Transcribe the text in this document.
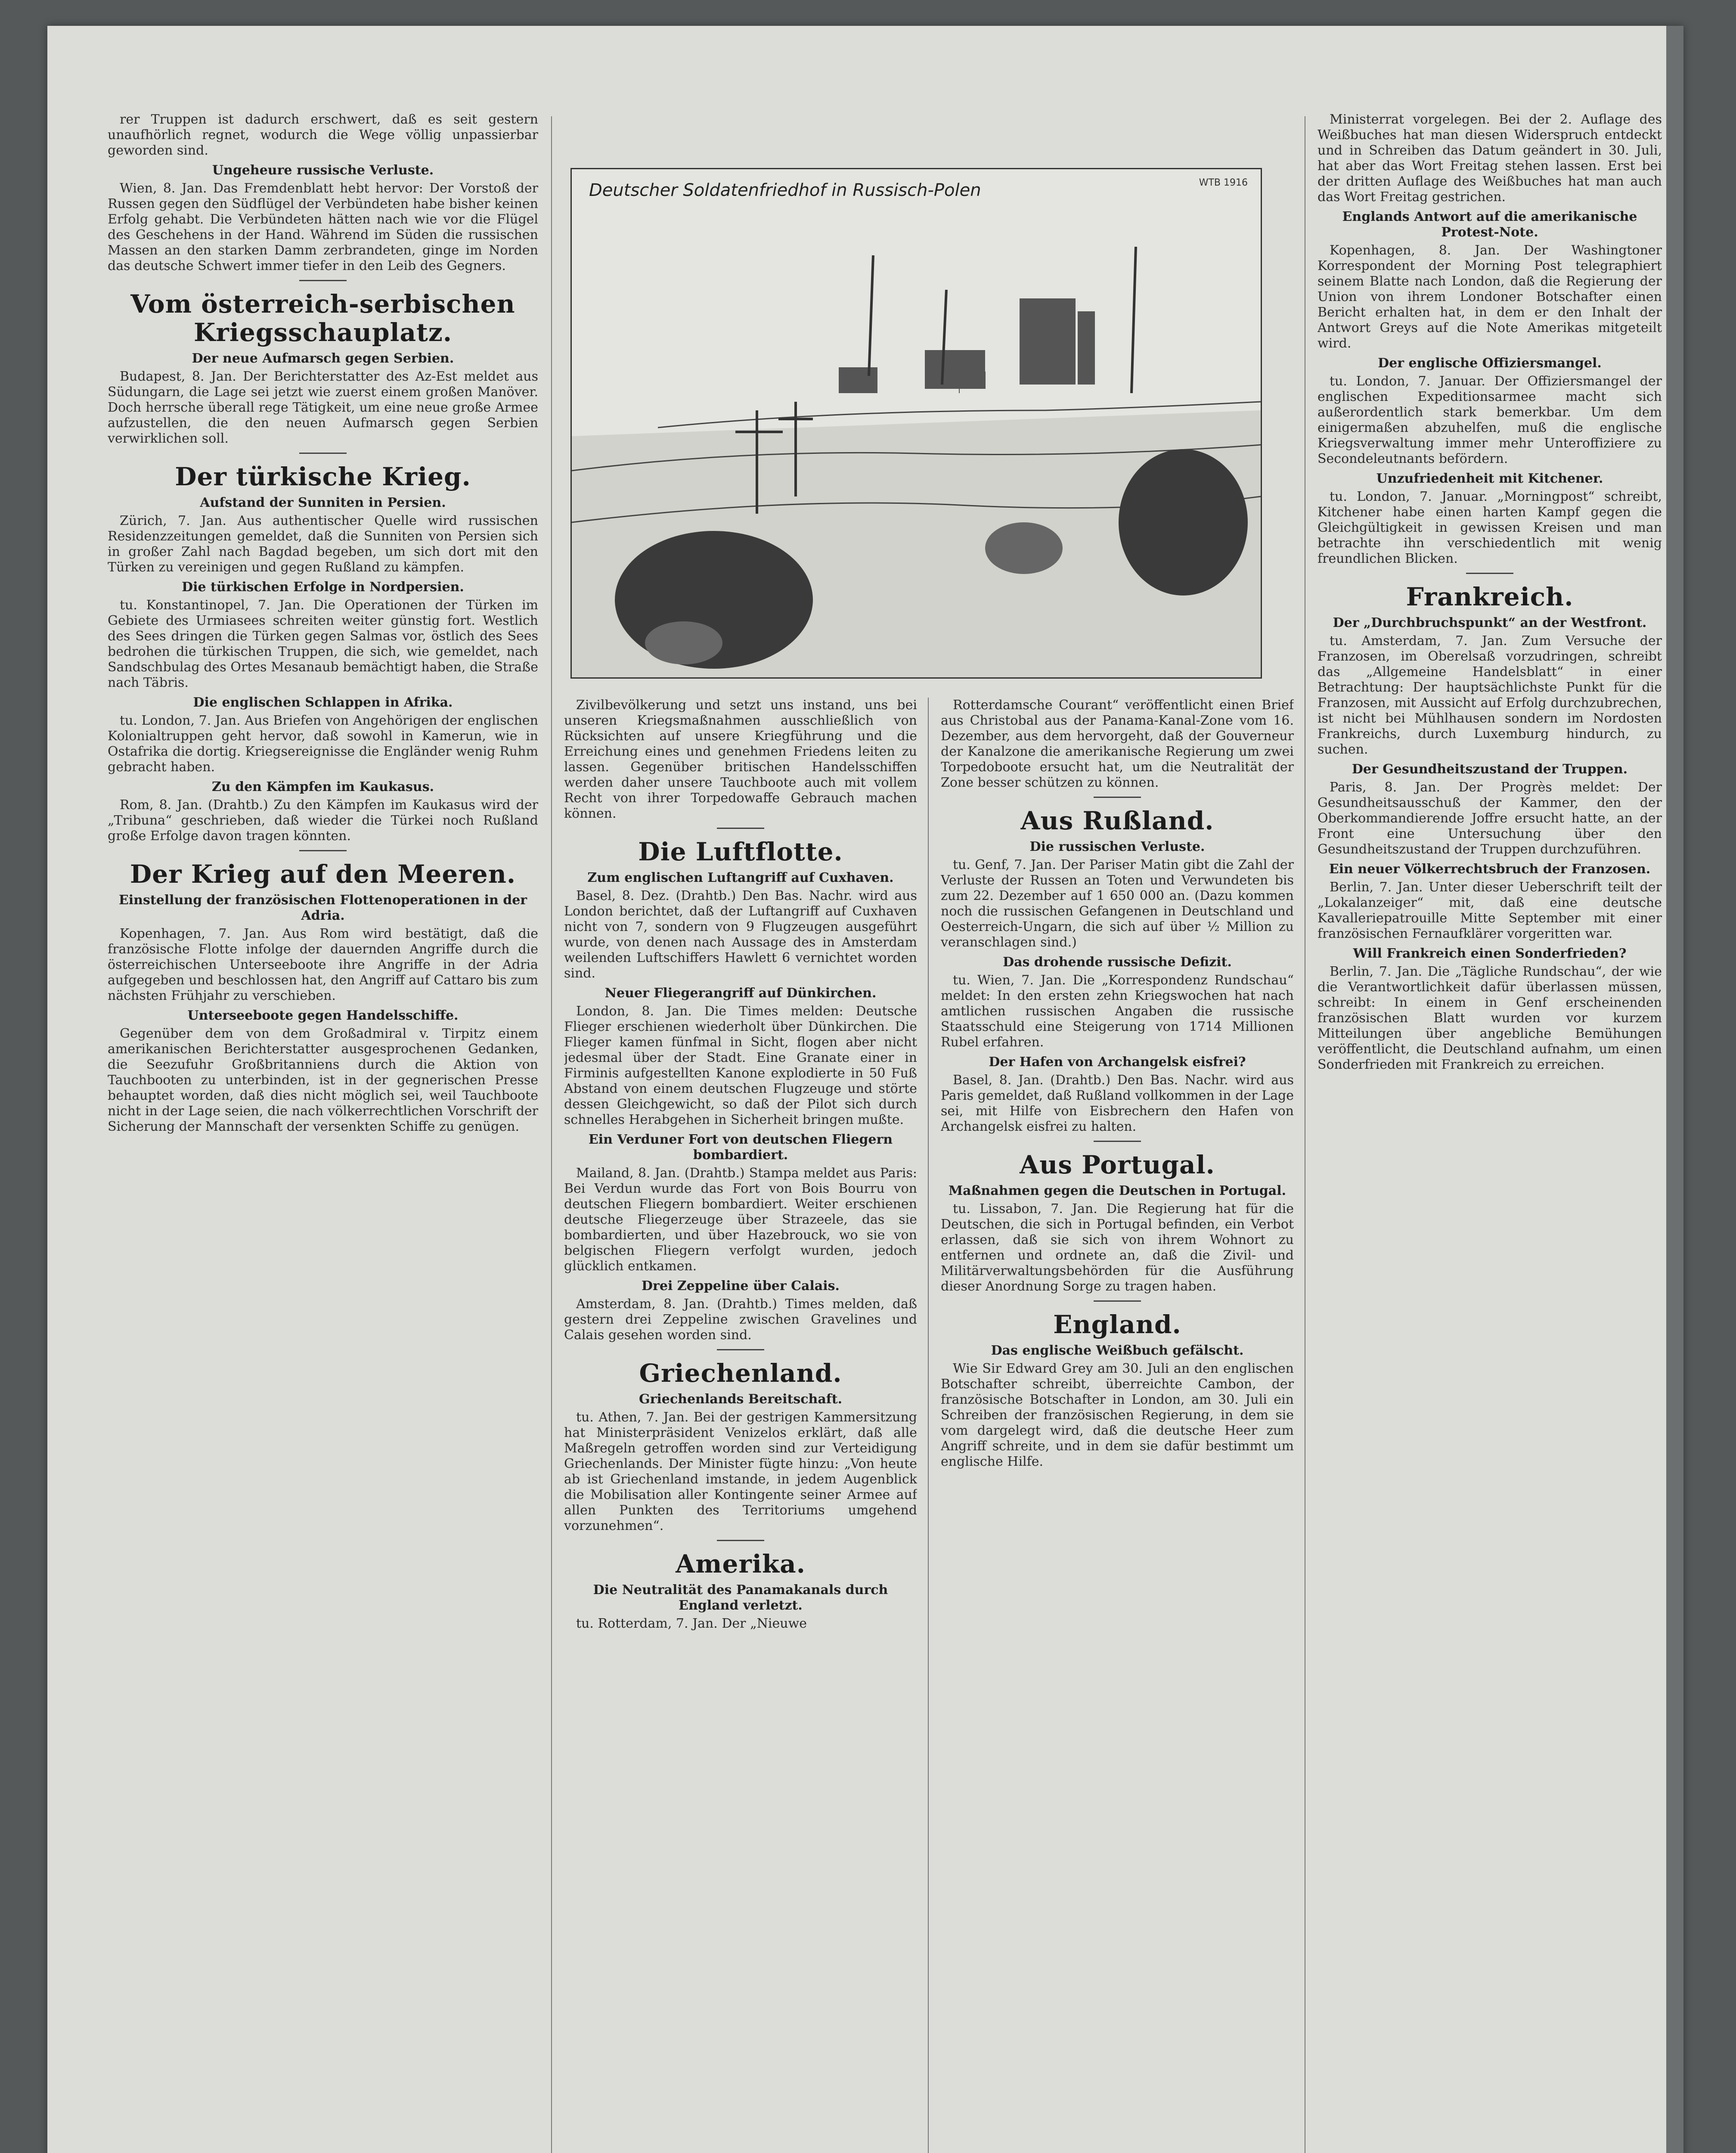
Deutscher Soldatenfriedhof in Russisch-Polen	WTB 1916

rer Truppen ist dadurch erschwert, daß es seit gestern unaufhörlich regnet, wodurch die Wege völlig unpassierbar geworden sind.

Ungeheure russische Verluste.

Wien, 8. Jan. Das Fremdenblatt hebt hervor: Der Vorstoß der Russen gegen den Südflügel der Verbündeten habe bisher keinen Erfolg gehabt. Die Verbündeten hätten nach wie vor die Flügel des Geschehens in der Hand. Während im Süden die russischen Massen an den starken Damm zerbrandeten, ginge im Norden das deutsche Schwert immer tiefer in den Leib des Gegners.

Vom österreich-serbischen Kriegsschauplatz.
Der neue Aufmarsch gegen Serbien.

Budapest, 8. Jan. Der Berichterstatter des Az-Est meldet aus Südungarn, die Lage sei jetzt wie zuerst einem großen Manöver. Doch herrsche überall rege Tätigkeit, um eine neue große Armee aufzustellen, die den neuen Aufmarsch gegen Serbien verwirklichen soll.

Der türkische Krieg.
Aufstand der Sunniten in Persien.

Zürich, 7. Jan. Aus authentischer Quelle wird russischen Residenzzeitungen gemeldet, daß die Sunniten von Persien sich in großer Zahl nach Bagdad begeben, um sich dort mit den Türken zu vereinigen und gegen Rußland zu kämpfen.

Die türkischen Erfolge in Nordpersien.

tu. Konstantinopel, 7. Jan. Die Operationen der Türken im Gebiete des Urmiasees schreiten weiter günstig fort. Westlich des Sees dringen die Türken gegen Salmas vor, östlich des Sees bedrohen die türkischen Truppen, die sich, wie gemeldet, nach Sandschbulag des Ortes Mesanaub bemächtigt haben, die Straße nach Täbris.

Die englischen Schlappen in Afrika.

tu. London, 7. Jan. Aus Briefen von Angehörigen der englischen Kolonialtruppen geht hervor, daß sowohl in Kamerun, wie in Ostafrika die dortig. Kriegsereignisse die Engländer wenig Ruhm gebracht haben.

Zu den Kämpfen im Kaukasus.

Rom, 8. Jan. (Drahtb.) Zu den Kämpfen im Kaukasus wird der „Tribuna“ geschrieben, daß wieder die Türkei noch Rußland große Erfolge davon tragen könnten.

Der Krieg auf den Meeren.
Einstellung der französischen Flottenoperationen in der Adria.

Kopenhagen, 7. Jan. Aus Rom wird bestätigt, daß die französische Flotte infolge der dauernden Angriffe durch die österreichischen Unterseeboote ihre Angriffe in der Adria aufgegeben und beschlossen hat, den Angriff auf Cattaro bis zum nächsten Frühjahr zu verschieben.

Unterseeboote gegen Handelsschiffe.

Gegenüber dem von dem Großadmiral v. Tirpitz einem amerikanischen Berichterstatter ausgesprochenen Gedanken, die Seezufuhr Großbritanniens durch die Aktion von Tauchbooten zu unterbinden, ist in der gegnerischen Presse behauptet worden, daß dies nicht möglich sei, weil Tauchboote nicht in der Lage seien, die nach völkerrechtlichen Vorschrift der Sicherung der Mannschaft der versenkten Schiffe zu genügen.

Zivilbevölkerung und setzt uns instand, uns bei unseren Kriegsmaßnahmen ausschließlich von Rücksichten auf unsere Kriegführung und die Erreichung eines und genehmen Friedens leiten zu lassen. Gegenüber britischen Handelsschiffen werden daher unsere Tauchboote auch mit vollem Recht von ihrer Torpedowaffe Gebrauch machen können.

Die Luftflotte.
Zum englischen Luftangriff auf Cuxhaven.

Basel, 8. Dez. (Drahtb.) Den Bas. Nachr. wird aus London berichtet, daß der Luftangriff auf Cuxhaven nicht von 7, sondern von 9 Flugzeugen ausgeführt wurde, von denen nach Aussage des in Amsterdam weilenden Luftschiffers Hawlett 6 vernichtet worden sind.

Neuer Fliegerangriff auf Dünkirchen.

London, 8. Jan. Die Times melden: Deutsche Flieger erschienen wiederholt über Dünkirchen. Die Flieger kamen fünfmal in Sicht, flogen aber nicht jedesmal über der Stadt. Eine Granate einer in Firminis aufgestellten Kanone explodierte in 50 Fuß Abstand von einem deutschen Flugzeuge und störte dessen Gleichgewicht, so daß der Pilot sich durch schnelles Herabgehen in Sicherheit bringen mußte.

Ein Verduner Fort von deutschen Fliegern bombardiert.

Mailand, 8. Jan. (Drahtb.) Stampa meldet aus Paris: Bei Verdun wurde das Fort von Bois Bourru von deutschen Fliegern bombardiert. Weiter erschienen deutsche Fliegerzeuge über Strazeele, das sie bombardierten, und über Hazebrouck, wo sie von belgischen Fliegern verfolgt wurden, jedoch glücklich entkamen.

Drei Zeppeline über Calais.

Amsterdam, 8. Jan. (Drahtb.) Times melden, daß gestern drei Zeppeline zwischen Gravelines und Calais gesehen worden sind.

Griechenland.
Griechenlands Bereitschaft.

tu. Athen, 7. Jan. Bei der gestrigen Kammersitzung hat Ministerpräsident Venizelos erklärt, daß alle Maßregeln getroffen worden sind zur Verteidigung Griechenlands. Der Minister fügte hinzu: „Von heute ab ist Griechenland imstande, in jedem Augenblick die Mobilisation aller Kontingente seiner Armee auf allen Punkten des Territoriums umgehend vorzunehmen“.

Amerika.
Die Neutralität des Panamakanals durch England verletzt.

tu. Rotterdam, 7. Jan. Der „Nieuwe

Rotterdamsche Courant“ veröffentlicht einen Brief aus Christobal aus der Panama-Kanal-Zone vom 16. Dezember, aus dem hervorgeht, daß der Gouverneur der Kanalzone die amerikanische Regierung um zwei Torpedoboote ersucht hat, um die Neutralität der Zone besser schützen zu können.

Aus Rußland.
Die russischen Verluste.

tu. Genf, 7. Jan. Der Pariser Matin gibt die Zahl der Verluste der Russen an Toten und Verwundeten bis zum 22. Dezember auf 1 650 000 an. (Dazu kommen noch die russischen Gefangenen in Deutschland und Oesterreich-Ungarn, die sich auf über ½ Million zu veranschlagen sind.)

Das drohende russische Defizit.

tu. Wien, 7. Jan. Die „Korrespondenz Rundschau“ meldet: In den ersten zehn Kriegswochen hat nach amtlichen russischen Angaben die russische Staatsschuld eine Steigerung von 1714 Millionen Rubel erfahren.

Der Hafen von Archangelsk eisfrei?

Basel, 8. Jan. (Drahtb.) Den Bas. Nachr. wird aus Paris gemeldet, daß Rußland vollkommen in der Lage sei, mit Hilfe von Eisbrechern den Hafen von Archangelsk eisfrei zu halten.

Aus Portugal.
Maßnahmen gegen die Deutschen in Portugal.

tu. Lissabon, 7. Jan. Die Regierung hat für die Deutschen, die sich in Portugal befinden, ein Verbot erlassen, daß sie sich von ihrem Wohnort zu entfernen und ordnete an, daß die Zivil- und Militärverwaltungsbehörden für die Ausführung dieser Anordnung Sorge zu tragen haben.

England.
Das englische Weißbuch gefälscht.

Wie Sir Edward Grey am 30. Juli an den englischen Botschafter schreibt, überreichte Cambon, der französische Botschafter in London, am 30. Juli ein Schreiben der französischen Regierung, in dem sie vom dargelegt wird, daß die deutsche Heer zum Angriff schreite, und in dem sie dafür bestimmt um englische Hilfe.

Ministerrat vorgelegen. Bei der 2. Auflage des Weißbuches hat man diesen Widerspruch entdeckt und in Schreiben das Datum geändert in 30. Juli, hat aber das Wort Freitag stehen lassen. Erst bei der dritten Auflage des Weißbuches hat man auch das Wort Freitag gestrichen.

Englands Antwort auf die amerikanische Protest-Note.

Kopenhagen, 8. Jan. Der Washingtoner Korrespondent der Morning Post telegraphiert seinem Blatte nach London, daß die Regierung der Union von ihrem Londoner Botschafter einen Bericht erhalten hat, in dem er den Inhalt der Antwort Greys auf die Note Amerikas mitgeteilt wird.

Der englische Offiziersmangel.

tu. London, 7. Januar. Der Offiziersmangel der englischen Expeditionsarmee macht sich außerordentlich stark bemerkbar. Um dem einigermaßen abzuhelfen, muß die englische Kriegsverwaltung immer mehr Unteroffiziere zu Secondeleutnants befördern.

Unzufriedenheit mit Kitchener.

tu. London, 7. Januar. „Morningpost“ schreibt, Kitchener habe einen harten Kampf gegen die Gleichgültigkeit in gewissen Kreisen und man betrachte ihn verschiedentlich mit wenig freundlichen Blicken.

Frankreich.
Der „Durchbruchspunkt“ an der Westfront.

tu. Amsterdam, 7. Jan. Zum Versuche der Franzosen, im Oberelsaß vorzudringen, schreibt das „Allgemeine Handelsblatt“ in einer Betrachtung: Der hauptsächlichste Punkt für die Franzosen, mit Aussicht auf Erfolg durchzubrechen, ist nicht bei Mühlhausen sondern im Nordosten Frankreichs, durch Luxemburg hindurch, zu suchen.

Der Gesundheitszustand der Truppen.

Paris, 8. Jan. Der Progrès meldet: Der Gesundheitsausschuß der Kammer, den der Oberkommandierende Joffre ersucht hatte, an der Front eine Untersuchung über den Gesundheitszustand der Truppen durchzuführen.

Ein neuer Völkerrechtsbruch der Franzosen.

Berlin, 7. Jan. Unter dieser Ueberschrift teilt der „Lokalanzeiger“ mit, daß eine deutsche Kavalleriepatrouille Mitte September mit einer französischen Fernaufklärer vorgeritten war.

Will Frankreich einen Sonderfrieden?

Berlin, 7. Jan. Die „Tägliche Rundschau“, der wie die Verantwortlichkeit dafür überlassen müssen, schreibt: In einem in Genf erscheinenden französischen Blatt wurden vor kurzem Mitteilungen über angebliche Bemühungen veröffentlicht, die Deutschland aufnahm, um einen Sonderfrieden mit Frankreich zu erreichen.
